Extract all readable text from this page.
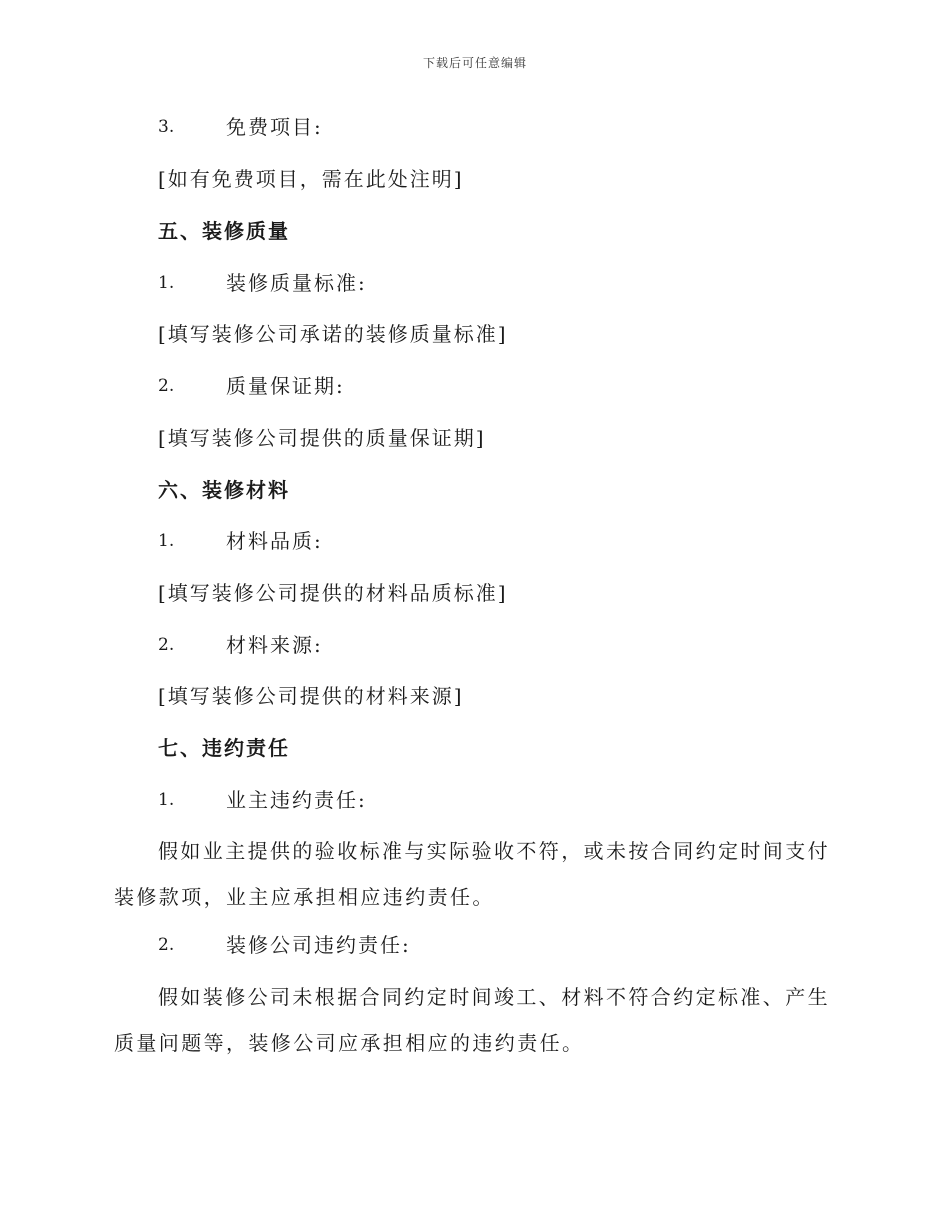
下载后可任意编辑
3.	免费项目:
[如有免费项目，需在此处注明]
五、装修质量
1.	装修质量标准:
[填写装修公司承诺的装修质量标准]
2.	质量保证期:
[填写装修公司提供的质量保证期]
六、装修材料
1.	材料品质:
[填写装修公司提供的材料品质标准]
2.	材料来源:
[填写装修公司提供的材料来源]
七、违约责任
1.	业主违约责任:
假如业主提供的验收标准与实际验收不符，或未按合同约定时间支付装修款项，业主应承担相应违约责任。
2.	装修公司违约责任:
假如装修公司未根据合同约定时间竣工、材料不符合约定标准、产生质量问题等，装修公司应承担相应的违约责任。
